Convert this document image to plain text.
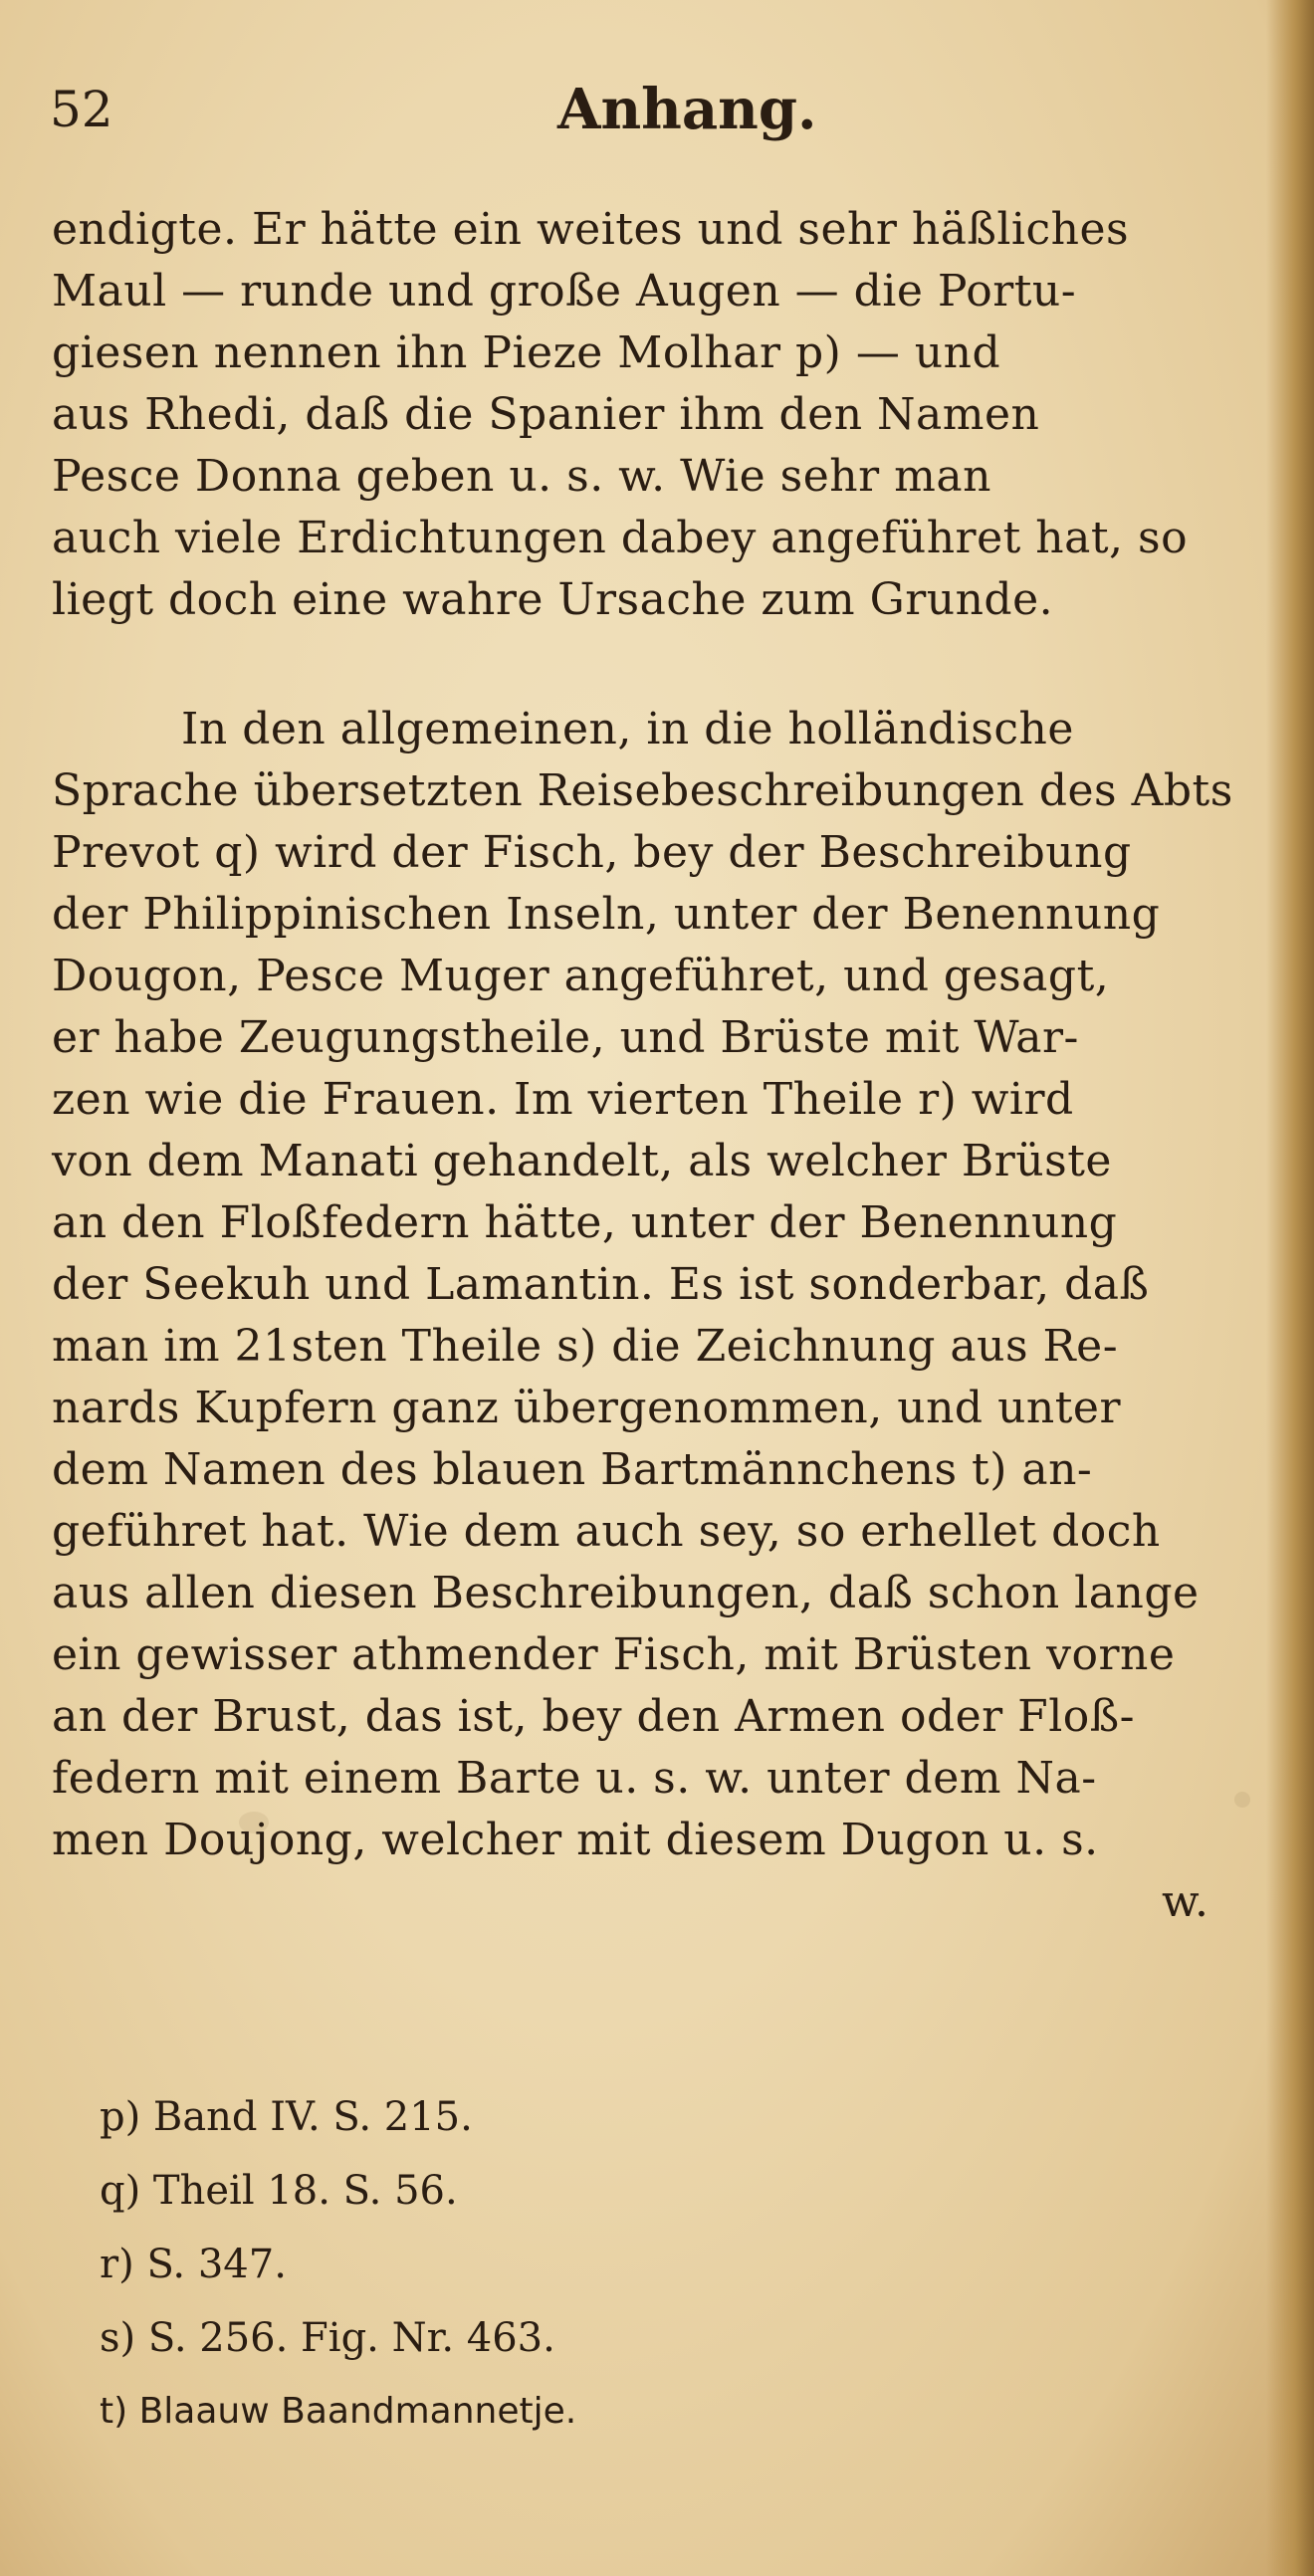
52	Anhang.
endigte. Er hätte ein weites und sehr häßliches
Maul — runde und große Augen — die Portu-
giesen nennen ihn Pieze Molhar p) — und
aus Rhedi, daß die Spanier ihm den Namen
Pesce Donna geben u. s. w. Wie sehr man
auch viele Erdichtungen dabey angeführet hat, so
liegt doch eine wahre Ursache zum Grunde.
In den allgemeinen, in die holländische
Sprache übersetzten Reisebeschreibungen des Abts
Prevot q) wird der Fisch, bey der Beschreibung
der Philippinischen Inseln, unter der Benennung
Dougon, Pesce Muger angeführet, und gesagt,
er habe Zeugungstheile, und Brüste mit War-
zen wie die Frauen. Im vierten Theile r) wird
von dem Manati gehandelt, als welcher Brüste
an den Floßfedern hätte, unter der Benennung
der Seekuh und Lamantin. Es ist sonderbar, daß
man im 21sten Theile s) die Zeichnung aus Re-
nards Kupfern ganz übergenommen, und unter
dem Namen des blauen Bartmännchens t) an-
geführet hat. Wie dem auch sey, so erhellet doch
aus allen diesen Beschreibungen, daß schon lange
ein gewisser athmender Fisch, mit Brüsten vorne
an der Brust, das ist, bey den Armen oder Floß-
federn mit einem Barte u. s. w. unter dem Na-
men Doujong, welcher mit diesem Dugon u. s.
w.
p) Band IV. S. 215.
q) Theil 18. S. 56.
r) S. 347.
s) S. 256. Fig. Nr. 463.
t) Blaauw Baandmannetje.
